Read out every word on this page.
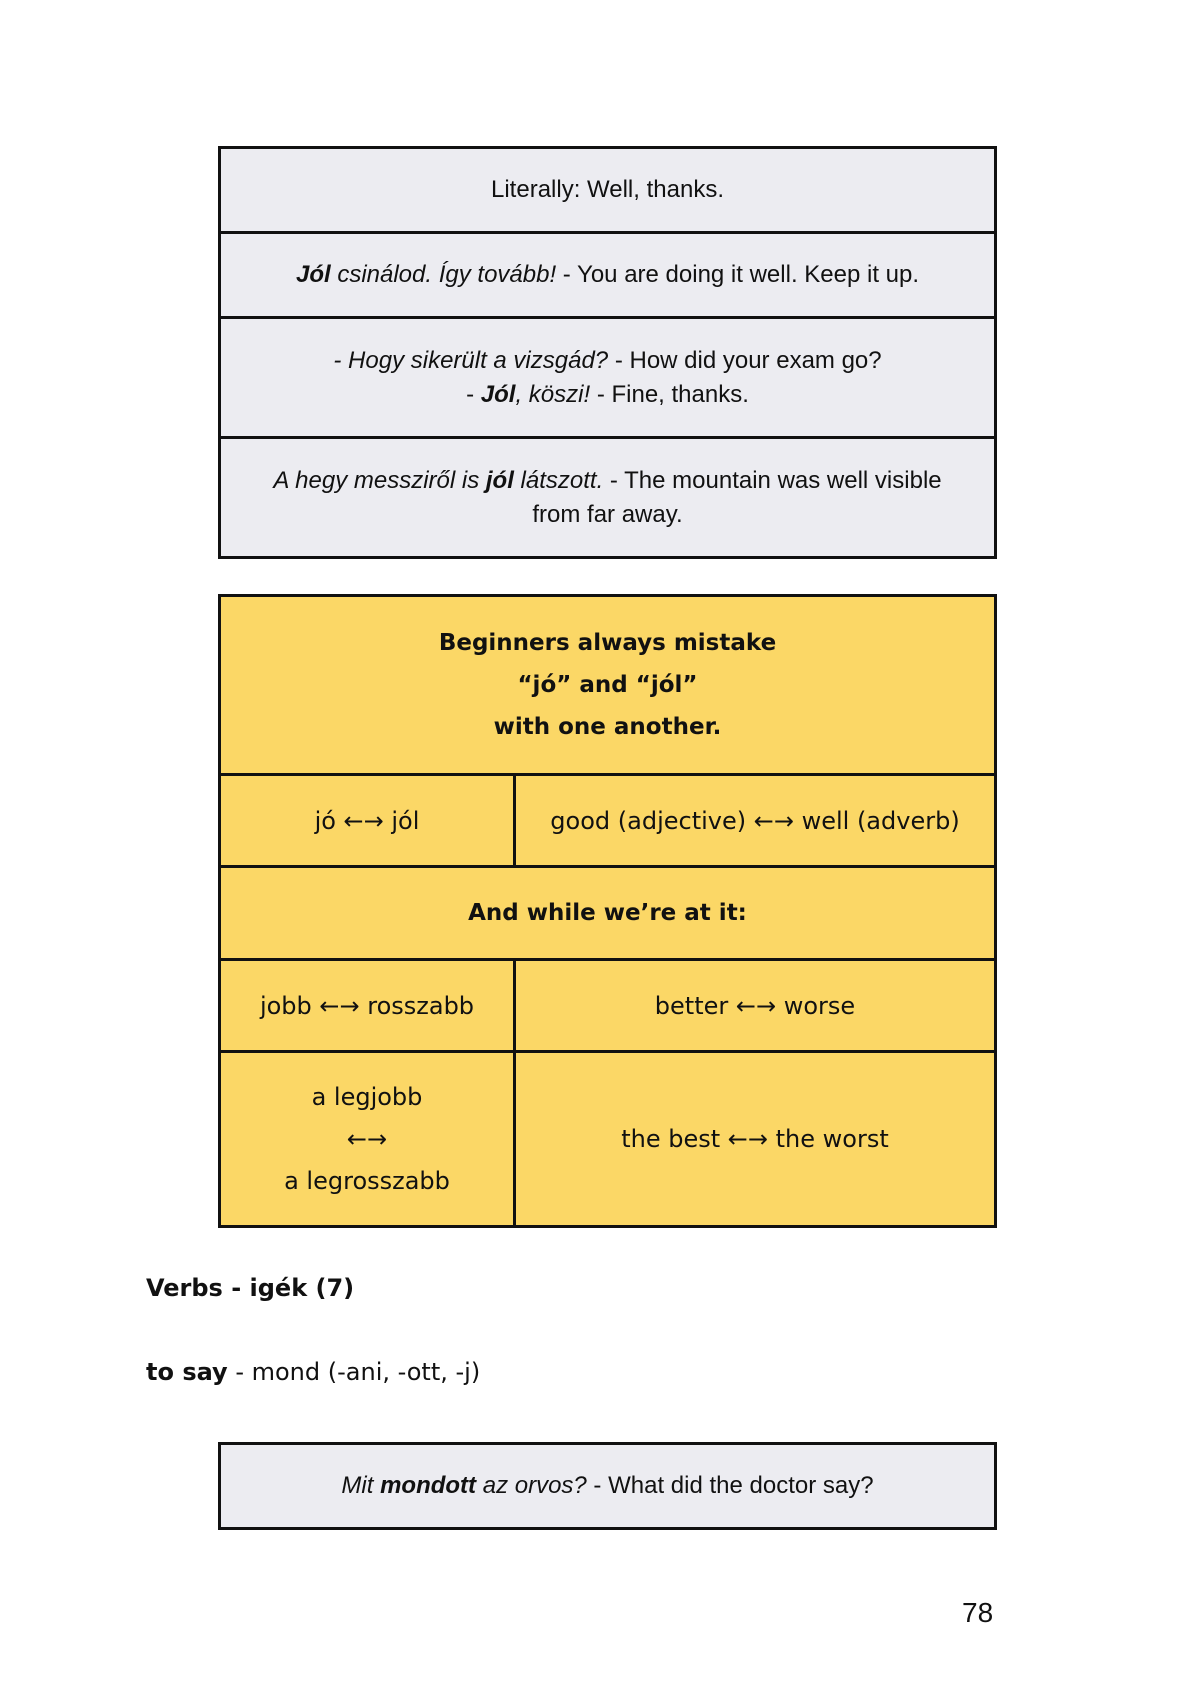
Literally: Well, thanks.
Jól csinálod. Így tovább! - You are doing it well. Keep it up.
- Hogy sikerült a vizsgád? - How did your exam go?
- Jól, köszi! - Fine, thanks.
A hegy messziről is jól látszott. - The mountain was well visible from far away.
Beginners always mistake
“jó” and “jól”
with one another.
jó ←→ jól	good (adjective) ←→ well (adverb)
And while we’re at it:
jobb ←→ rosszabb	better ←→ worse
a legjobb
←→
a legrosszabb
the best ←→ the worst
Verbs - igék (7)
to say - mond (-ani, -ott, -j)
Mit mondott az orvos? - What did the doctor say?
78
